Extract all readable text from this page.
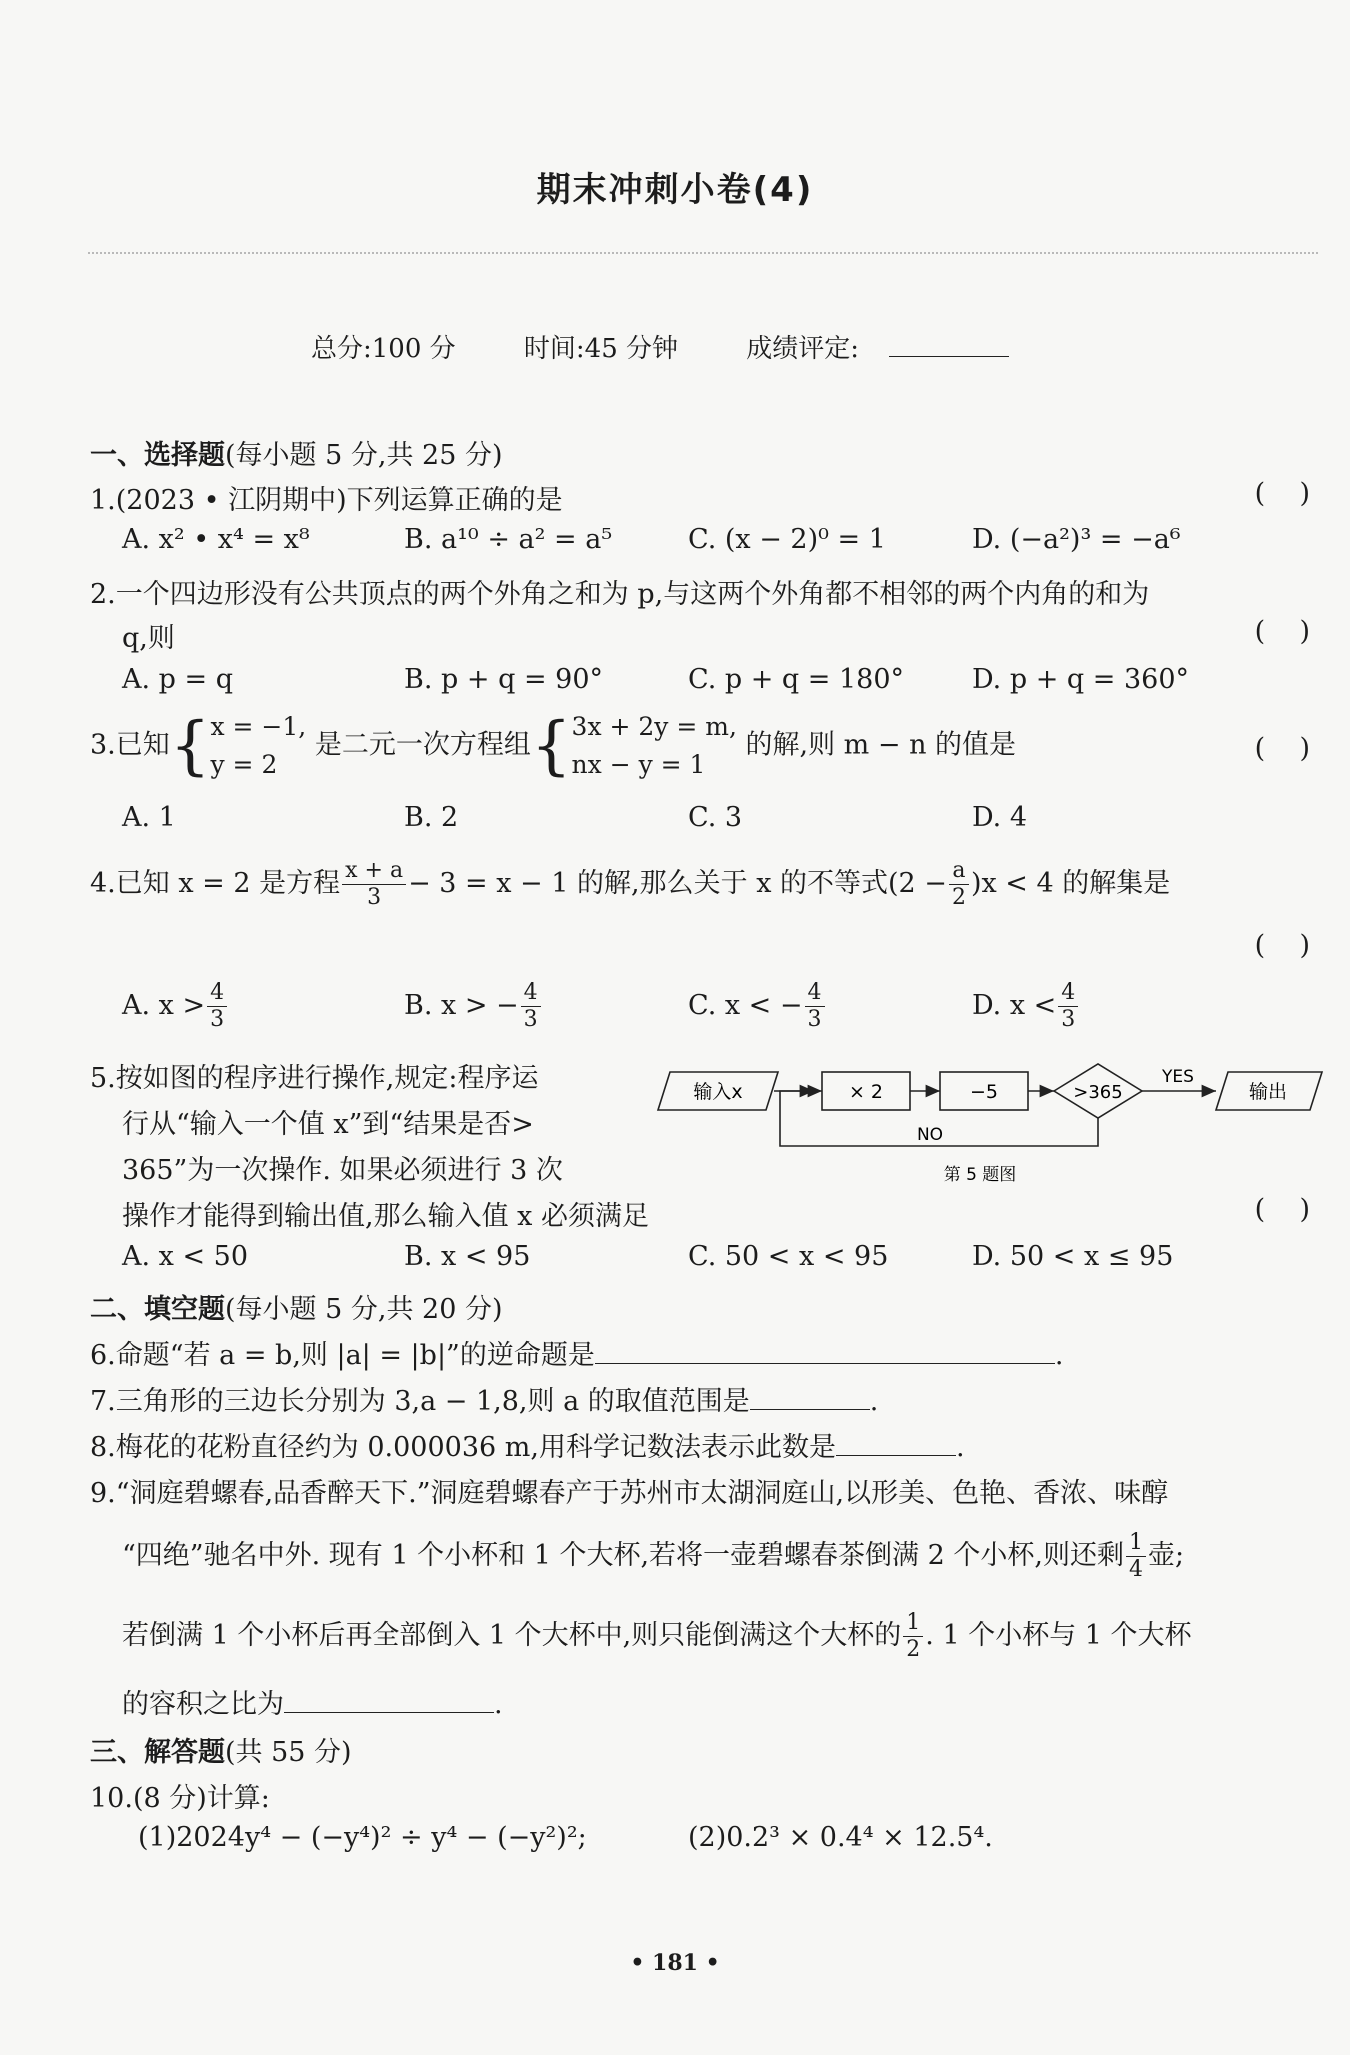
期末冲刺小卷(4)
总分:100 分	时间:45 分钟	成绩评定:
一、选择题(每小题 5 分,共 25 分)
1.(2023 • 江阴期中)下列运算正确的是	(    )
A. x² • x⁴ = x⁸	B. a¹⁰ ÷ a² = a⁵	C. (x − 2)⁰ = 1	D. (−a²)³ = −a⁶
2.一个四边形没有公共顶点的两个外角之和为 p,与这两个外角都不相邻的两个内角的和为
q,则	(    )
A. p = q	B. p + q = 90°	C. p + q = 180°	D. p + q = 360°
3.已知{ x = −1,
y = 2
是二元一次方程组{ 3x + 2y = m,
nx − y = 1
的解,则 m − n 的值是	(    )
A. 1	B. 2	C. 3	D. 4
4.已知 x = 2 是方程 $\frac{x + a}{3} - 3 = x - 1$ 的解,那么关于 x 的不等式$(2 - \frac{a}{2} )x < 4$ 的解集是
(    )
A. $x > \frac{4}{3}$	B. x > − $\frac{4}{3}$	C. x < − $\frac{4}{3}$	D. $x < \frac{4}{3}$
5.按如图的程序进行操作,规定:程序运
行从“输入一个值 x”到“结果是否>
365”为一次操作. 如果必须进行 3 次
操作才能得到输出值,那么输入值 x 必须满足	(    )
输入x	× 2	−5	>365
YES
输出
NO
第 5 题图
A. x < 50	B. x < 95	C. 50 < x < 95	D. 50 < x ≤ 95
二、填空题(每小题 5 分,共 20 分)
6.命题“若 a = b,则 |a| = |b|”的逆命题是	.
7.三角形的三边长分别为 3,a − 1,8,则 a 的取值范围是	.
8.梅花的花粉直径约为 0.000036 m,用科学记数法表示此数是	.
9.“洞庭碧螺春,品香醉天下.”洞庭碧螺春产于苏州市太湖洞庭山,以形美、色艳、香浓、味醇
“四绝”驰名中外. 现有 1 个小杯和 1 个大杯,若将一壶碧螺春茶倒满 2 个小杯,则还剩 $\frac{1}{4}$ 壶;
若倒满 1 个小杯后再全部倒入 1 个大杯中,则只能倒满这个大杯的 $\frac{1}{2}$ . 1 个小杯与 1 个大杯
的容积之比为	.
三、解答题(共 55 分)
10.(8 分)计算:
(1)2024y⁴ − (−y⁴)² ÷ y⁴ − (−y²)²;	(2)0.2³ × 0.4⁴ × 12.5⁴.
• 181 •
